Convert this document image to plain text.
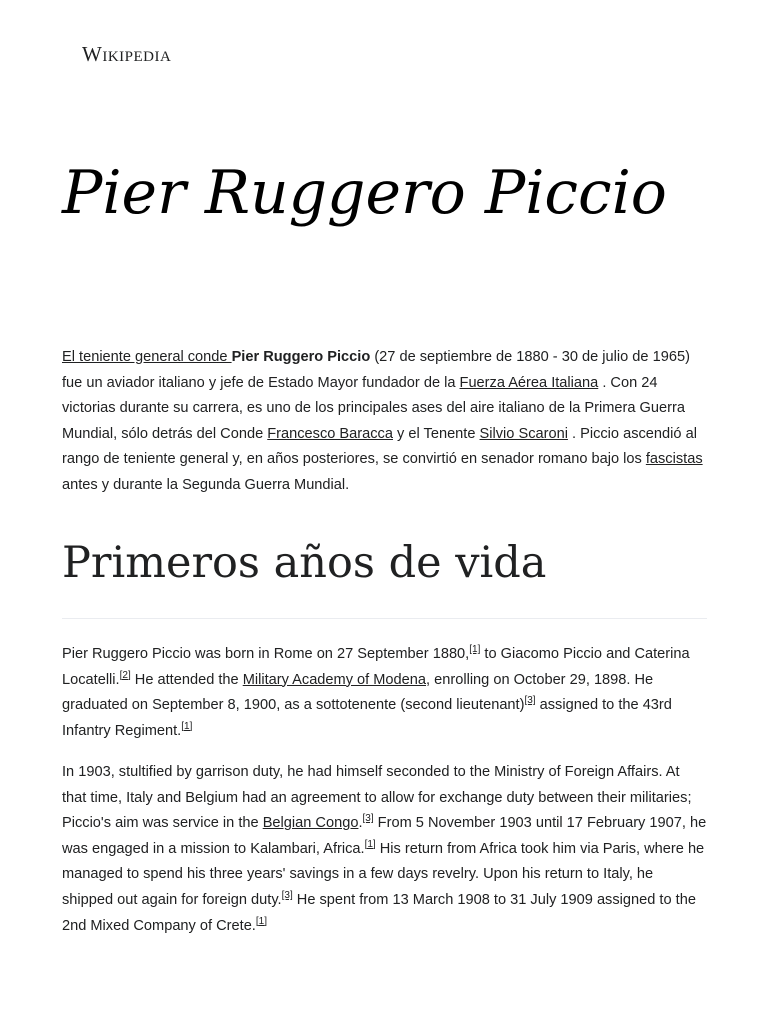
Wikipedia
Pier Ruggero Piccio

El teniente general conde Pier Ruggero Piccio (27 de septiembre de 1880 - 30 de julio de 1965) fue un aviador italiano y jefe de Estado Mayor fundador de la Fuerza Aérea Italiana . Con 24 victorias durante su carrera, es uno de los principales ases del aire italiano de la Primera Guerra Mundial, sólo detrás del Conde Francesco Baracca y el Tenente Silvio Scaroni . Piccio ascendió al rango de teniente general y, en años posteriores, se convirtió en senador romano bajo los fascistas antes y durante la Segunda Guerra Mundial.

Primeros años de vida

Pier Ruggero Piccio was born in Rome on 27 September 1880,[1] to Giacomo Piccio and Caterina Locatelli.[2] He attended the Military Academy of Modena, enrolling on October 29, 1898. He graduated on September 8, 1900, as a sottotenente (second lieutenant)[3] assigned to the 43rd Infantry Regiment.[1]

In 1903, stultified by garrison duty, he had himself seconded to the Ministry of Foreign Affairs. At that time, Italy and Belgium had an agreement to allow for exchange duty between their militaries; Piccio's aim was service in the Belgian Congo.[3] From 5 November 1903 until 17 February 1907, he was engaged in a mission to Kalambari, Africa.[1] His return from Africa took him via Paris, where he managed to spend his three years' savings in a few days revelry. Upon his return to Italy, he shipped out again for foreign duty.[3] He spent from 13 March 1908 to 31 July 1909 assigned to the 2nd Mixed Company of Crete.[1]
